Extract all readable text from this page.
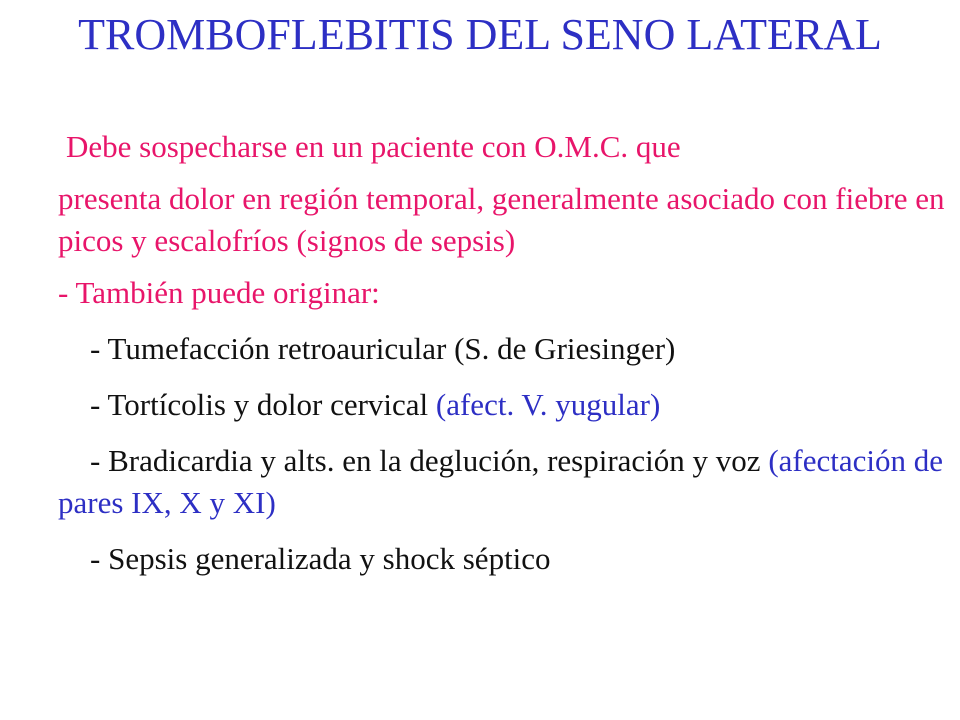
TROMBOFLEBITIS DEL SENO LATERAL

Debe sospecharse en un paciente con O.M.C. que

presenta dolor en región temporal, generalmente asociado con fiebre en picos y escalofríos (signos de sepsis)

- También puede originar:

- Tumefacción retroauricular (S. de Griesinger)

- Tortícolis y dolor cervical (afect. V. yugular)

- Bradicardia y alts. en la deglución, respiración y voz (afectación de pares IX, X y XI)

- Sepsis generalizada y shock séptico
